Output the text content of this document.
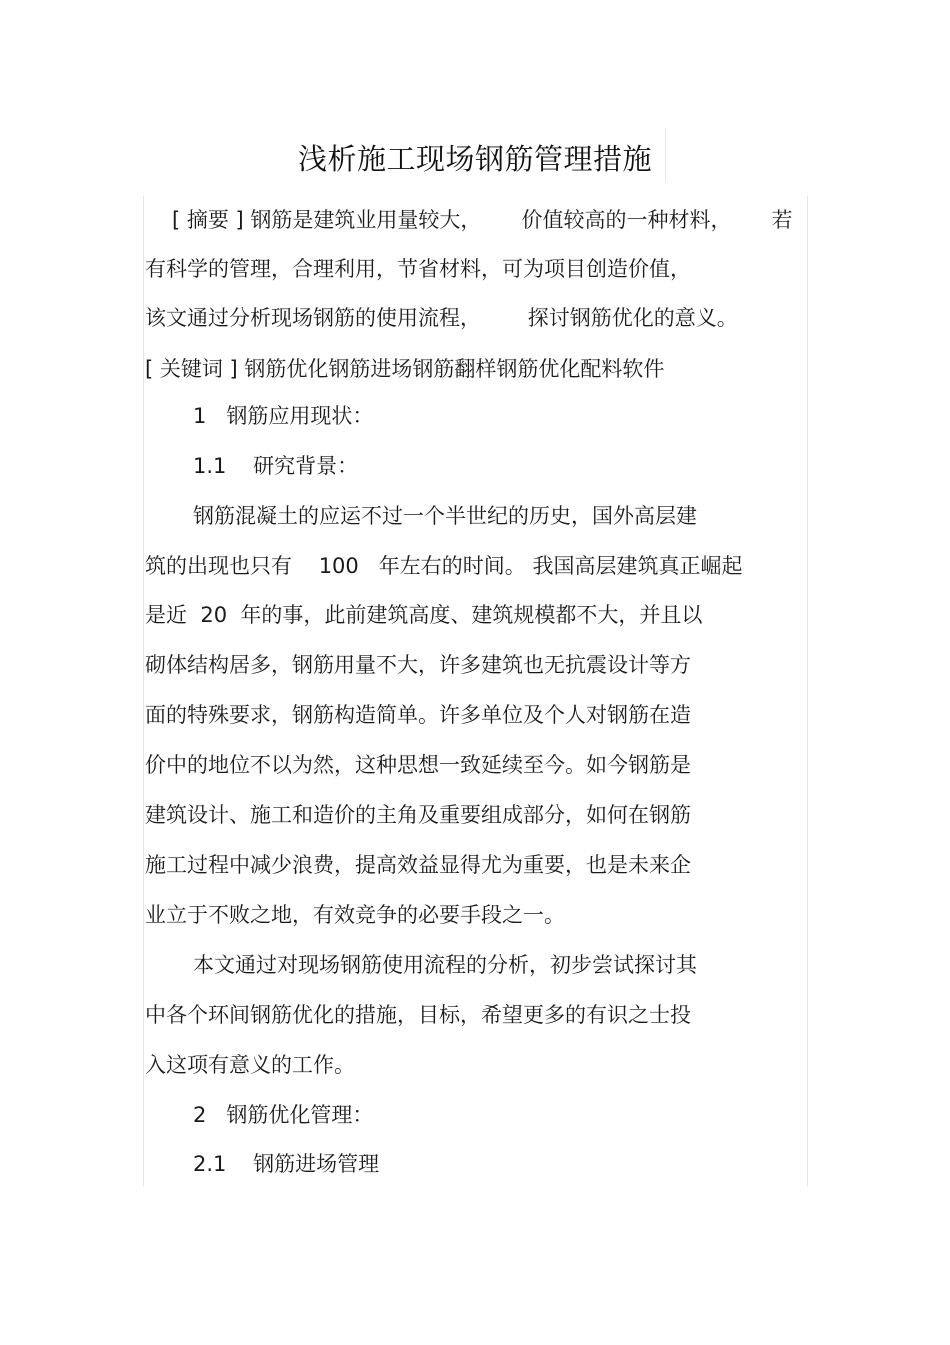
浅析施工现场钢筋管理措施
[ 摘要 ] 钢筋是建筑业用量较大，      价值较高的一种材料，      若
有科学的管理，合理利用，节省材料，可为项目创造价值，
该文通过分析现场钢筋的使用流程，       探讨钢筋优化的意义。
[ 关键词 ] 钢筋优化钢筋进场钢筋翻样钢筋优化配料软件
1   钢筋应用现状：
1.1    研究背景：
钢筋混凝土的应运不过一个半世纪的历史，国外高层建
筑的出现也只有    100   年左右的时间。 我国高层建筑真正崛起
是近  20  年的事，此前建筑高度、建筑规模都不大，并且以
砌体结构居多，钢筋用量不大，许多建筑也无抗震设计等方
面的特殊要求，钢筋构造简单。许多单位及个人对钢筋在造
价中的地位不以为然，这种思想一致延续至今。如今钢筋是
建筑设计、施工和造价的主角及重要组成部分，如何在钢筋
施工过程中减少浪费，提高效益显得尤为重要，也是未来企
业立于不败之地，有效竞争的必要手段之一。
本文通过对现场钢筋使用流程的分析，初步尝试探讨其
中各个环间钢筋优化的措施，目标，希望更多的有识之士投
入这项有意义的工作。
2   钢筋优化管理：
2.1    钢筋进场管理
